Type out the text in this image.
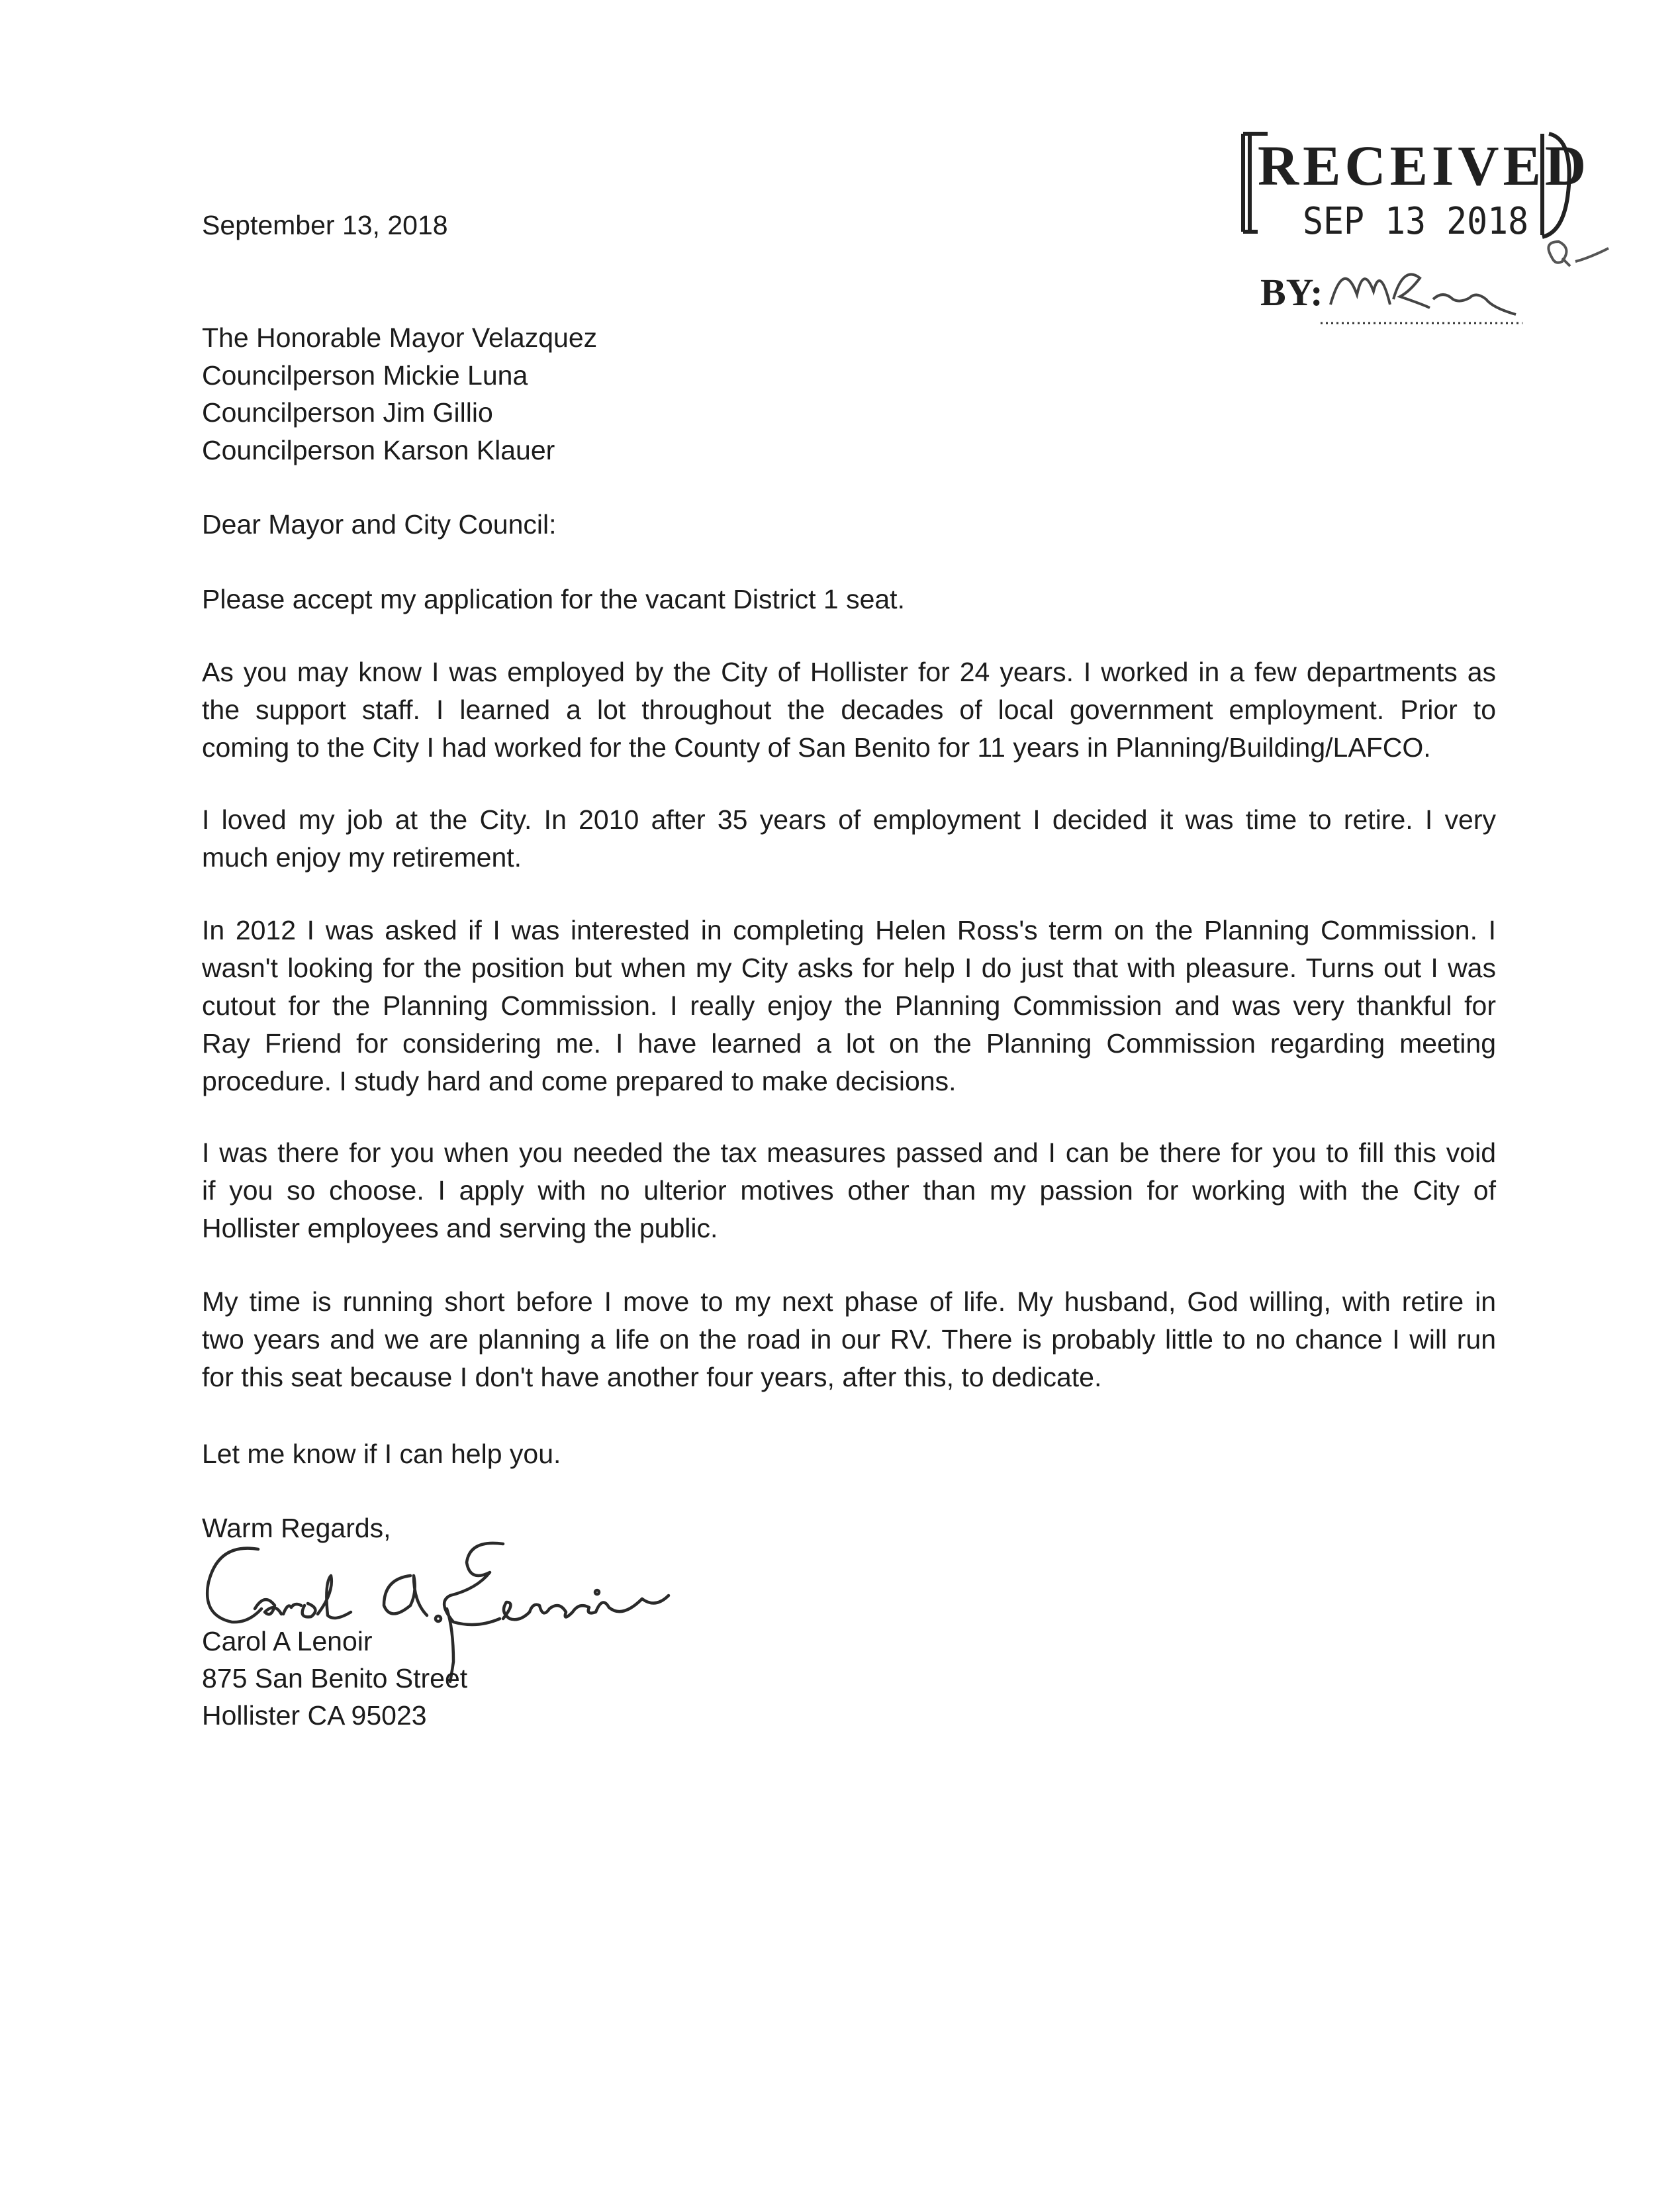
RECEIVED
SEP 13 2018
BY:
September 13, 2018
The Honorable Mayor Velazquez
Councilperson Mickie Luna
Councilperson Jim Gillio
Councilperson Karson Klauer
Dear Mayor and City Council:
Please accept my application for the vacant District 1 seat.
As you may know I was employed by the City of Hollister for 24 years. I worked in a few departments as
the support staff. I learned a lot throughout the decades of local government employment. Prior to
coming to the City I had worked for the County of San Benito for 11 years in Planning/Building/LAFCO.
I loved my job at the City. In 2010 after 35 years of employment I decided it was time to retire. I very
much enjoy my retirement.
In 2012 I was asked if I was interested in completing Helen Ross's term on the Planning Commission. I
wasn't looking for the position but when my City asks for help I do just that with pleasure. Turns out I was
cutout for the Planning Commission. I really enjoy the Planning Commission and was very thankful for
Ray Friend for considering me. I have learned a lot on the Planning Commission regarding meeting
procedure. I study hard and come prepared to make decisions.
I was there for you when you needed the tax measures passed and I can be there for you to fill this void
if you so choose. I apply with no ulterior motives other than my passion for working with the City of
Hollister employees and serving the public.
My time is running short before I move to my next phase of life. My husband, God willing, with retire in
two years and we are planning a life on the road in our RV. There is probably little to no chance I will run
for this seat because I don't have another four years, after this, to dedicate.
Let me know if I can help you.
Warm Regards,
Carol A Lenoir
875 San Benito Street
Hollister CA 95023
